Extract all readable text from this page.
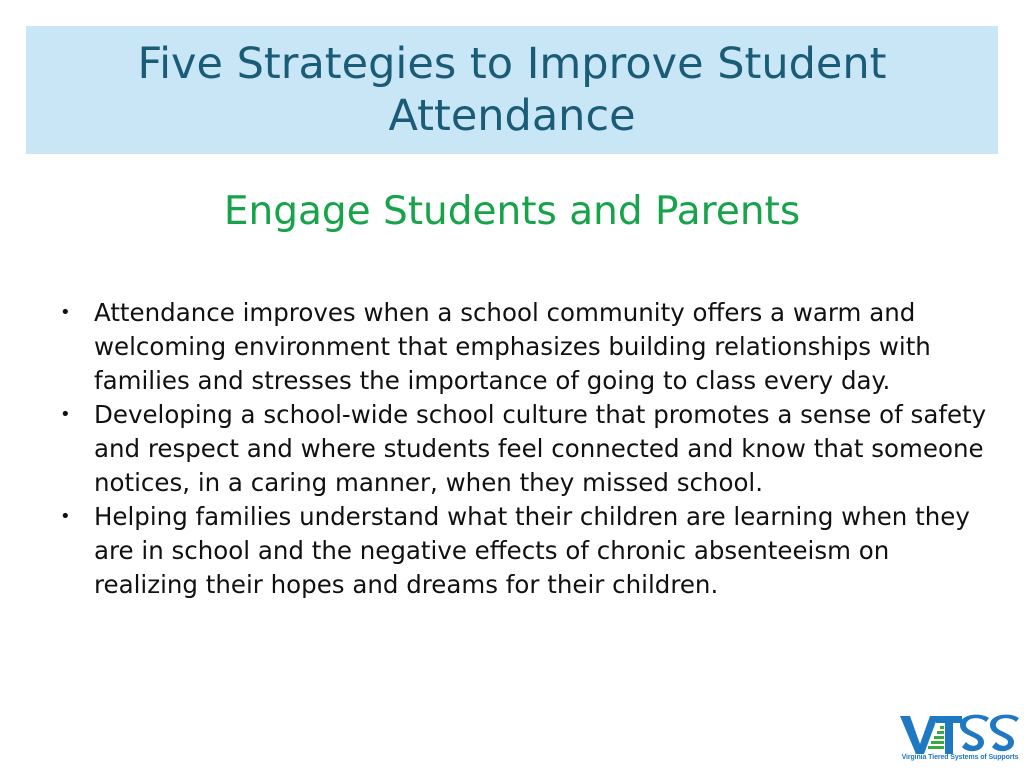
Five Strategies to Improve Student Attendance
Engage Students and Parents
• Attendance improves when a school community offers a warm and welcoming environment that emphasizes building relationships with families and stresses the importance of going to class every day.
• Developing a school-wide school culture that promotes a sense of safety and respect and where students feel connected and know that someone notices, in a caring manner, when they missed school.
• Helping families understand what their children are learning when they are in school and the negative effects of chronic absenteeism on realizing their hopes and dreams for their children.
Virginia Tiered Systems of Supports
